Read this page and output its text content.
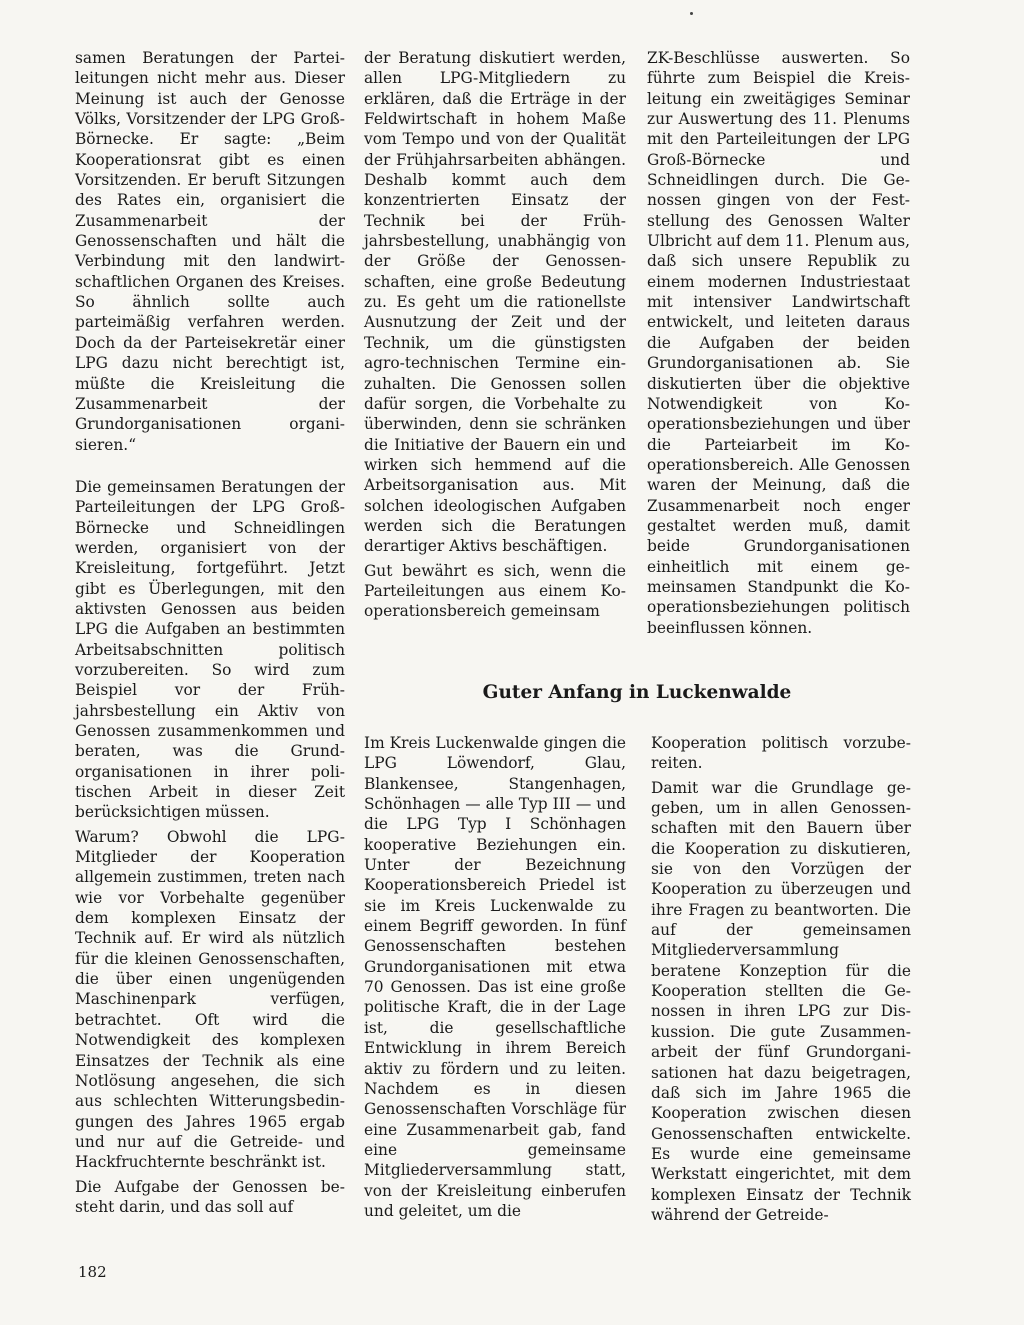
samen Beratungen der Parteileitungen nicht mehr aus. Dieser Meinung ist auch der Genosse Völks, Vorsitzender der LPG Groß-Börnecke. Er sagte: „Beim Kooperationsrat gibt es einen Vorsitzenden. Er beruft Sitzungen des Rates ein, organisiert die Zusammenarbeit der Genossenschaften und hält die Verbindung mit den landwirtschaftlichen Organen des Kreises. So ähnlich sollte auch parteimäßig verfahren werden. Doch da der Parteisekretär einer LPG dazu nicht berechtigt ist, müßte die Kreisleitung die Zusammenarbeit der Grundorganisationen organisieren.“

Die gemeinsamen Beratungen der Parteileitungen der LPG Groß-Börnecke und Schneidlingen werden, organisiert von der Kreisleitung, fortgeführt. Jetzt gibt es Überlegungen, mit den aktivsten Genossen aus beiden LPG die Aufgaben an bestimmten Arbeitsabschnitten politisch vorzubereiten. So wird zum Beispiel vor der Frühjahrsbestellung ein Aktiv von Genossen zusammenkommen und beraten, was die Grundorganisationen in ihrer politischen Arbeit in dieser Zeit berücksichtigen müssen.

Warum? Obwohl die LPG-Mitglieder der Kooperation allgemein zustimmen, treten nach wie vor Vorbehalte gegenüber dem komplexen Einsatz der Technik auf. Er wird als nützlich für die kleinen Genossenschaften, die über einen ungenügenden Maschinenpark verfügen, betrachtet. Oft wird die Notwendigkeit des komplexen Einsatzes der Technik als eine Notlösung angesehen, die sich aus schlechten Witterungsbedingungen des Jahres 1965 ergab und nur auf die Getreide- und Hackfruchternte beschränkt ist.

Die Aufgabe der Genossen besteht darin, und das soll auf

der Beratung diskutiert werden, allen LPG-Mitgliedern zu erklären, daß die Erträge in der Feldwirtschaft in hohem Maße vom Tempo und von der Qualität der Frühjahrsarbeiten abhängen. Deshalb kommt auch dem konzentrierten Einsatz der Technik bei der Frühjahrsbestellung, unabhängig von der Größe der Genossenschaften, eine große Bedeutung zu. Es geht um die rationellste Ausnutzung der Zeit und der Technik, um die günstigsten agro-technischen Termine einzuhalten. Die Genossen sollen dafür sorgen, die Vorbehalte zu überwinden, denn sie schränken die Initiative der Bauern ein und wirken sich hemmend auf die Arbeitsorganisation aus. Mit solchen ideologischen Aufgaben werden sich die Beratungen derartiger Aktivs beschäftigen.

Gut bewährt es sich, wenn die Parteileitungen aus einem Kooperationsbereich gemeinsam

ZK-Beschlüsse auswerten. So führte zum Beispiel die Kreisleitung ein zweitägiges Seminar zur Auswertung des 11. Plenums mit den Parteileitungen der LPG Groß-Börnecke und Schneidlingen durch. Die Genossen gingen von der Feststellung des Genossen Walter Ulbricht auf dem 11. Plenum aus, daß sich unsere Republik zu einem modernen Industriestaat mit intensiver Landwirtschaft entwickelt, und leiteten daraus die Aufgaben der beiden Grundorganisationen ab. Sie diskutierten über die objektive Notwendigkeit von Kooperationsbeziehungen und über die Parteiarbeit im Kooperationsbereich. Alle Genossen waren der Meinung, daß die Zusammenarbeit noch enger gestaltet werden muß, damit beide Grundorganisationen einheitlich mit einem gemeinsamen Standpunkt die Kooperationsbeziehungen politisch beeinflussen können.

Guter Anfang in Luckenwalde

Im Kreis Luckenwalde gingen die LPG Löwendorf, Glau, Blankensee, Stangenhagen, Schönhagen — alle Typ III — und die LPG Typ I Schönhagen kooperative Beziehungen ein. Unter der Bezeichnung Kooperationsbereich Priedel ist sie im Kreis Luckenwalde zu einem Begriff geworden. In fünf Genossenschaften bestehen Grundorganisationen mit etwa 70 Genossen. Das ist eine große politische Kraft, die in der Lage ist, die gesellschaftliche Entwicklung in ihrem Bereich aktiv zu fördern und zu leiten. Nachdem es in diesen Genossenschaften Vorschläge für eine Zusammenarbeit gab, fand eine gemeinsame Mitgliederversammlung statt, von der Kreisleitung einberufen und geleitet, um die

Kooperation politisch vorzubereiten.

Damit war die Grundlage gegeben, um in allen Genossenschaften mit den Bauern über die Kooperation zu diskutieren, sie von den Vorzügen der Kooperation zu überzeugen und ihre Fragen zu beantworten. Die auf der gemeinsamen Mitgliederversammlung beratene Konzeption für die Kooperation stellten die Genossen in ihren LPG zur Diskussion. Die gute Zusammenarbeit der fünf Grundorganisationen hat dazu beigetragen, daß sich im Jahre 1965 die Kooperation zwischen diesen Genossenschaften entwickelte. Es wurde eine gemeinsame Werkstatt eingerichtet, mit dem komplexen Einsatz der Technik während der Getreide-

182
